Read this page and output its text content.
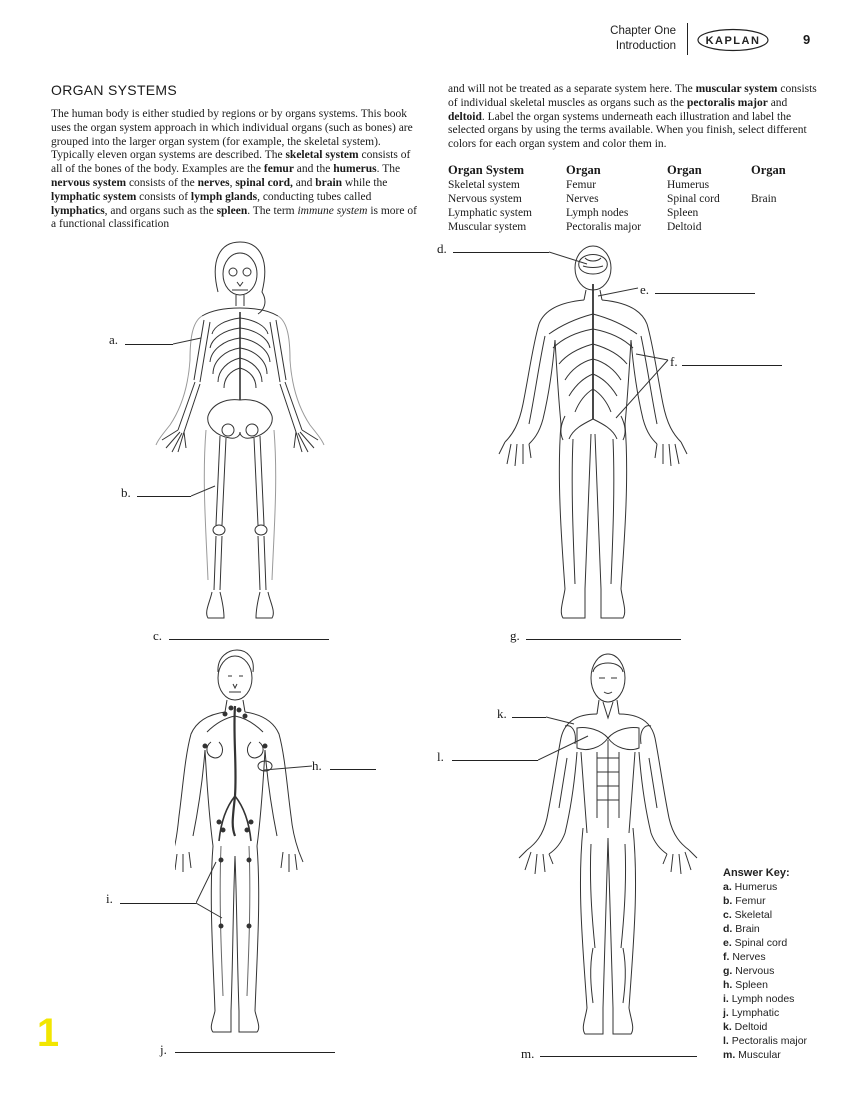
Chapter One
Introduction	KAPLAN	9
ORGAN SYSTEMS

The human body is either studied by regions or by organs systems. This book uses the organ system approach in which individual organs (such as bones) are grouped into the larger organ system (for example, the skeletal system). Typically eleven organ systems are described. The skeletal system consists of all of the bones of the body. Examples are the femur and the humerus. The nervous system consists of the nerves, spinal cord, and brain while the lymphatic system consists of lymph glands, conducting tubes called lymphatics, and organs such as the spleen. The term immune system is more of a functional classification

and will not be treated as a separate system here. The muscular system consists of individual skeletal muscles as organs such as the pectoralis major and deltoid. Label the organ systems underneath each illustration and label the selected organs by using the terms available. When you finish, select different colors for each organ system and color them in.

Organ System	Organ	Organ	Organ
Skeletal system	Femur	Humerus	
Nervous system	Nerves	Spinal cord	Brain
Lymphatic system	Lymph nodes	Spleen	
Muscular system	Pectoralis major	Deltoid	
a.
b.
c.
d.
e.
f.
g.
h.
i.
j.
k.
l.
m.
Answer Key:
a. Humerus
b. Femur
c. Skeletal
d. Brain
e. Spinal cord
f. Nerves
g. Nervous
h. Spleen
i. Lymph nodes
j. Lymphatic
k. Deltoid
l. Pectoralis major
m. Muscular
1
